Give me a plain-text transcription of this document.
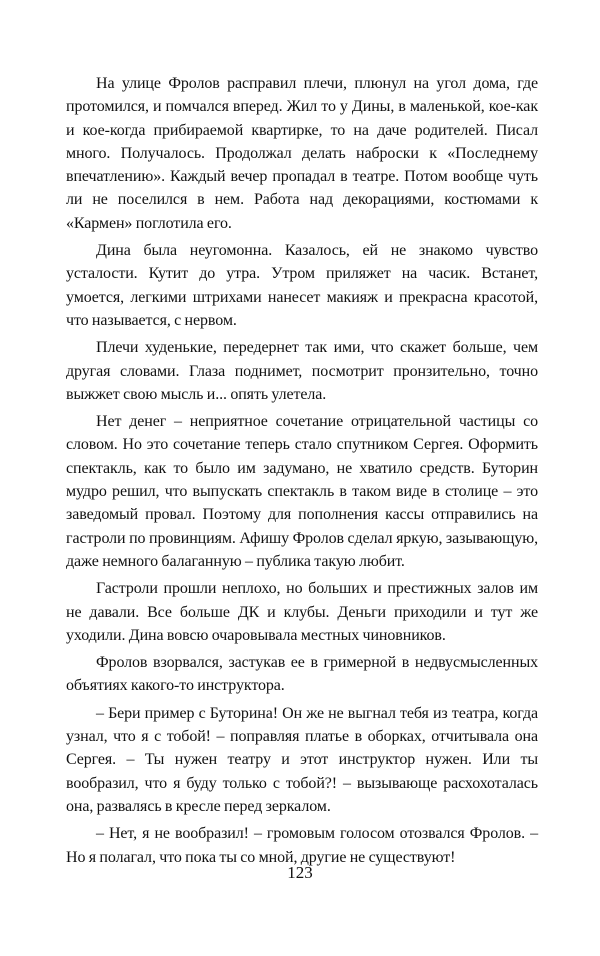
На улице Фролов расправил плечи, плюнул на угол дома, где протомился, и помчался вперед. Жил то у Дины, в маленькой, кое-как и кое-когда прибираемой квартирке, то на даче родителей. Писал много. Получалось. Продолжал делать наброски к «Последнему впечатлению». Каждый вечер пропадал в театре. Потом вообще чуть ли не поселился в нем. Работа над декорациями, костюмами к «Кармен» поглотила его.

Дина была неугомонна. Казалось, ей не знакомо чувство усталости. Кутит до утра. Утром приляжет на часик. Встанет, умоется, легкими штрихами нанесет макияж и прекрасна красотой, что называется, с нервом.

Плечи худенькие, передернет так ими, что скажет больше, чем другая словами. Глаза поднимет, посмотрит пронзительно, точно выжжет свою мысль и... опять улетела.

Нет денег – неприятное сочетание отрицательной частицы со словом. Но это сочетание теперь стало спутником Сергея. Оформить спектакль, как то было им задумано, не хватило средств. Буторин мудро решил, что выпускать спектакль в таком виде в столице – это заведомый провал. Поэтому для пополнения кассы отправились на гастроли по провинциям. Афишу Фролов сделал яркую, зазывающую, даже немного балаганную – публика такую любит.

Гастроли прошли неплохо, но больших и престижных залов им не давали. Все больше ДК и клубы. Деньги приходили и тут же уходили. Дина вовсю очаровывала местных чиновников.

Фролов взорвался, застукав ее в гримерной в недвусмысленных объятиях какого-то инструктора.

– Бери пример с Буторина! Он же не выгнал тебя из театра, когда узнал, что я с тобой! – поправляя платье в оборках, отчитывала она Сергея. – Ты нужен театру и этот инструктор нужен. Или ты вообразил, что я буду только с тобой?! – вызывающе расхохоталась она, развалясь в кресле перед зеркалом.

– Нет, я не вообразил! – громовым голосом отозвался Фролов. – Но я полагал, что пока ты со мной, другие не существуют!

123
